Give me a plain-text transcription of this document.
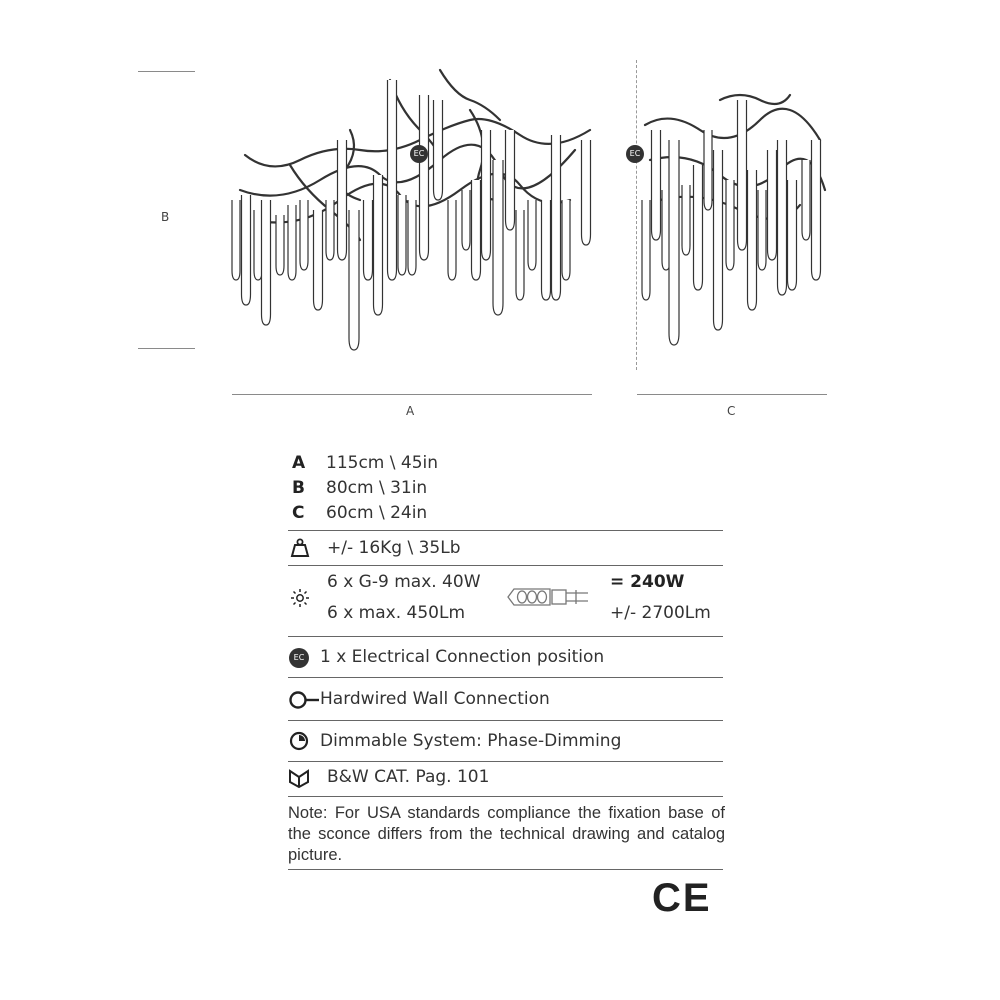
B
A	C
EC	EC
A 115cm \ 45in
B 80cm \ 31in
C 60cm \ 24in
+/- 16Kg \ 35Lb
6 x G-9 max. 40W
6 x max. 450Lm
= 240W
+/- 2700Lm
EC 1 x Electrical Connection position
Hardwired Wall Connection
Dimmable System: Phase-Dimming
B&W CAT. Pag. 101
Note: For USA standards compliance the fixation base of the sconce differs from the technical drawing and catalog picture.
CE
